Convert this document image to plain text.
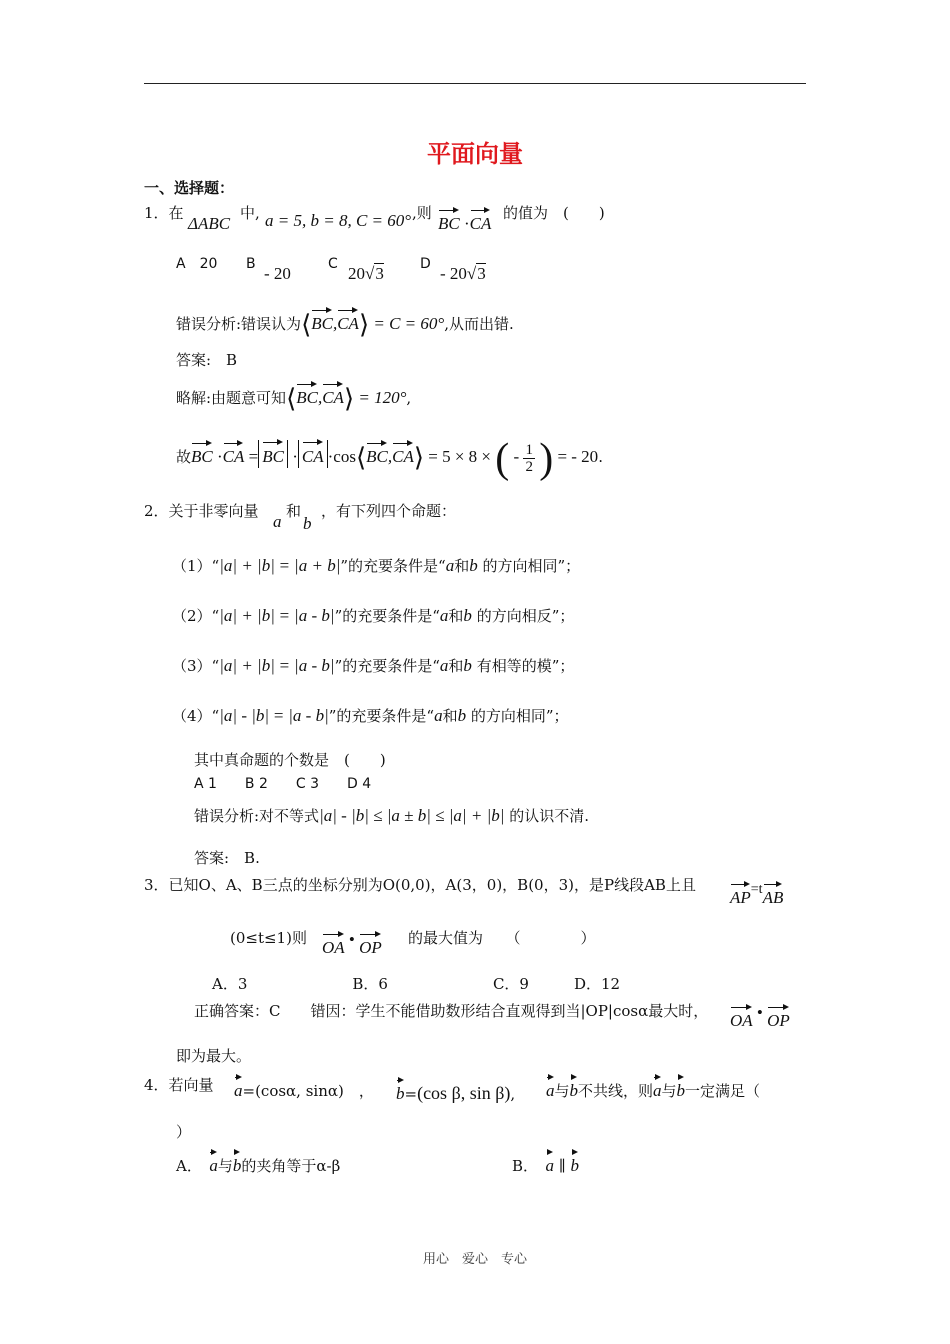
平面向量
一、选择题：
1．在
ΔABC
中, a = 5, b = 8, C = 60° ,则
BC ·CA
的值为　(　　)
A　20 B - 20	C 20√3	D - 20√3
错误分析:错误认为⟨BC,CA⟩ = C = 60°,从而出错.
答案:　B
略解:由题意可知⟨BC,CA⟩ = 120°,
故BC ·CA = BC · CA ·cos⟨BC,CA⟩ = 5 × 8 × ( - $\frac{1}{2}$ ) = - 20.
2．关于非零向量
a
和
b
，有下列四个命题：
（1）“|a| + |b| = |a + b|”的充要条件是“a和b 的方向相同”；
（2）“|a| + |b| = |a - b|”的充要条件是“a和b 的方向相反”；
（3）“|a| + |b| = |a - b|”的充要条件是“a和b 有相等的模”；
（4）“|a| - |b| = |a - b|”的充要条件是“a和b 的方向相同”；
其中真命题的个数是　(　　)
A 1　　B 2　　C 3　　D 4
错误分析:对不等式|a| - |b| ≤ |a ± b| ≤ |a| + |b| 的认识不清.
答案:　B.
3．已知O、A、B三点的坐标分别为O(0,0)，A(3，0)，B(0，3)，是P线段AB上且
$AP^{=t}AB$
(0≤t≤1)则 OA • OP 的最大值为　　（　　　　）
A．3　　　　　　　B．6　　　　　　　C．9　　　D．12
正确答案：C　　错因：学生不能借助数形结合直观得到当|OP|cosα最大时， OA • OP
即为最大。
4．若向量 a=(cosα, sinα)　， b=(cos β, sin β), a与b不共线，则a与b一定满足（
）
A．　 a与b的夹角等于α-β	B．　 a ∥ b
用心　爱心　专心
